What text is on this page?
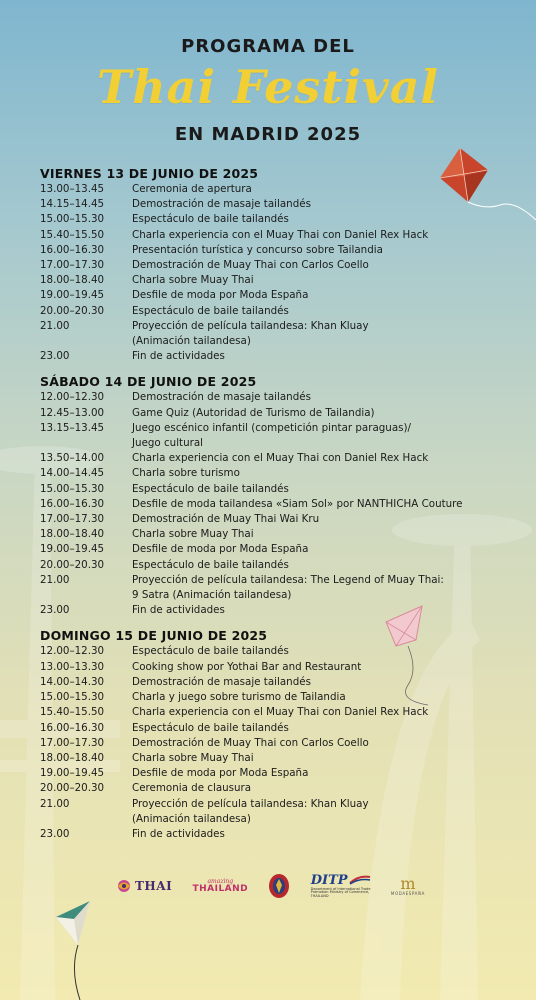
PROGRAMA DEL
Thai Festival
EN MADRID 2025
VIERNES 13 DE JUNIO DE 2025
13.00–13.45	Ceremonia de apertura
14.15–14.45	Demostración de masaje tailandés
15.00–15.30	Espectáculo de baile tailandés
15.40–15.50	Charla experiencia con el Muay Thai con Daniel Rex Hack
16.00–16.30	Presentación turística y concurso sobre Tailandia
17.00–17.30	Demostración de Muay Thai con Carlos Coello
18.00–18.40	Charla sobre Muay Thai
19.00–19.45	Desfile de moda por Moda España
20.00–20.30	Espectáculo de baile tailandés
21.00	Proyección de película tailandesa: Khan Kluay
(Animación tailandesa)
23.00	Fin de actividades
SÁBADO 14 DE JUNIO DE 2025
12.00–12.30	Demostración de masaje tailandés
12.45–13.00	Game Quiz (Autoridad de Turismo de Tailandia)
13.15–13.45	Juego escénico infantil (competición pintar paraguas)/
Juego cultural
13.50–14.00	Charla experiencia con el Muay Thai con Daniel Rex Hack
14.00–14.45	Charla sobre turismo
15.00–15.30	Espectáculo de baile tailandés
16.00–16.30	Desfile de moda tailandesa «Siam Sol» por NANTHICHA Couture
17.00–17.30	Demostración de Muay Thai Wai Kru
18.00–18.40	Charla sobre Muay Thai
19.00–19.45	Desfile de moda por Moda España
20.00–20.30	Espectáculo de baile tailandés
21.00	Proyección de película tailandesa: The Legend of Muay Thai:
9 Satra (Animación tailandesa)
23.00	Fin de actividades
DOMINGO 15 DE JUNIO DE 2025
12.00–12.30	Espectáculo de baile tailandés
13.00–13.30	Cooking show por Yothai Bar and Restaurant
14.00–14.30	Demostración de masaje tailandés
15.00–15.30	Charla y juego sobre turismo de Tailandia
15.40–15.50	Charla experiencia con el Muay Thai con Daniel Rex Hack
16.00–16.30	Espectáculo de baile tailandés
17.00–17.30	Demostración de Muay Thai con Carlos Coello
18.00–18.40	Charla sobre Muay Thai
19.00–19.45	Desfile de moda por Moda España
20.00–20.30	Ceremonia de clausura
21.00	Proyección de película tailandesa: Khan Kluay
(Animación tailandesa)
23.00	Fin de actividades
THAI	amazing
THAILAND
DITP
Department of International Trade Promotion Ministry of Commerce, THAILAND
m
MODAESPAÑA
